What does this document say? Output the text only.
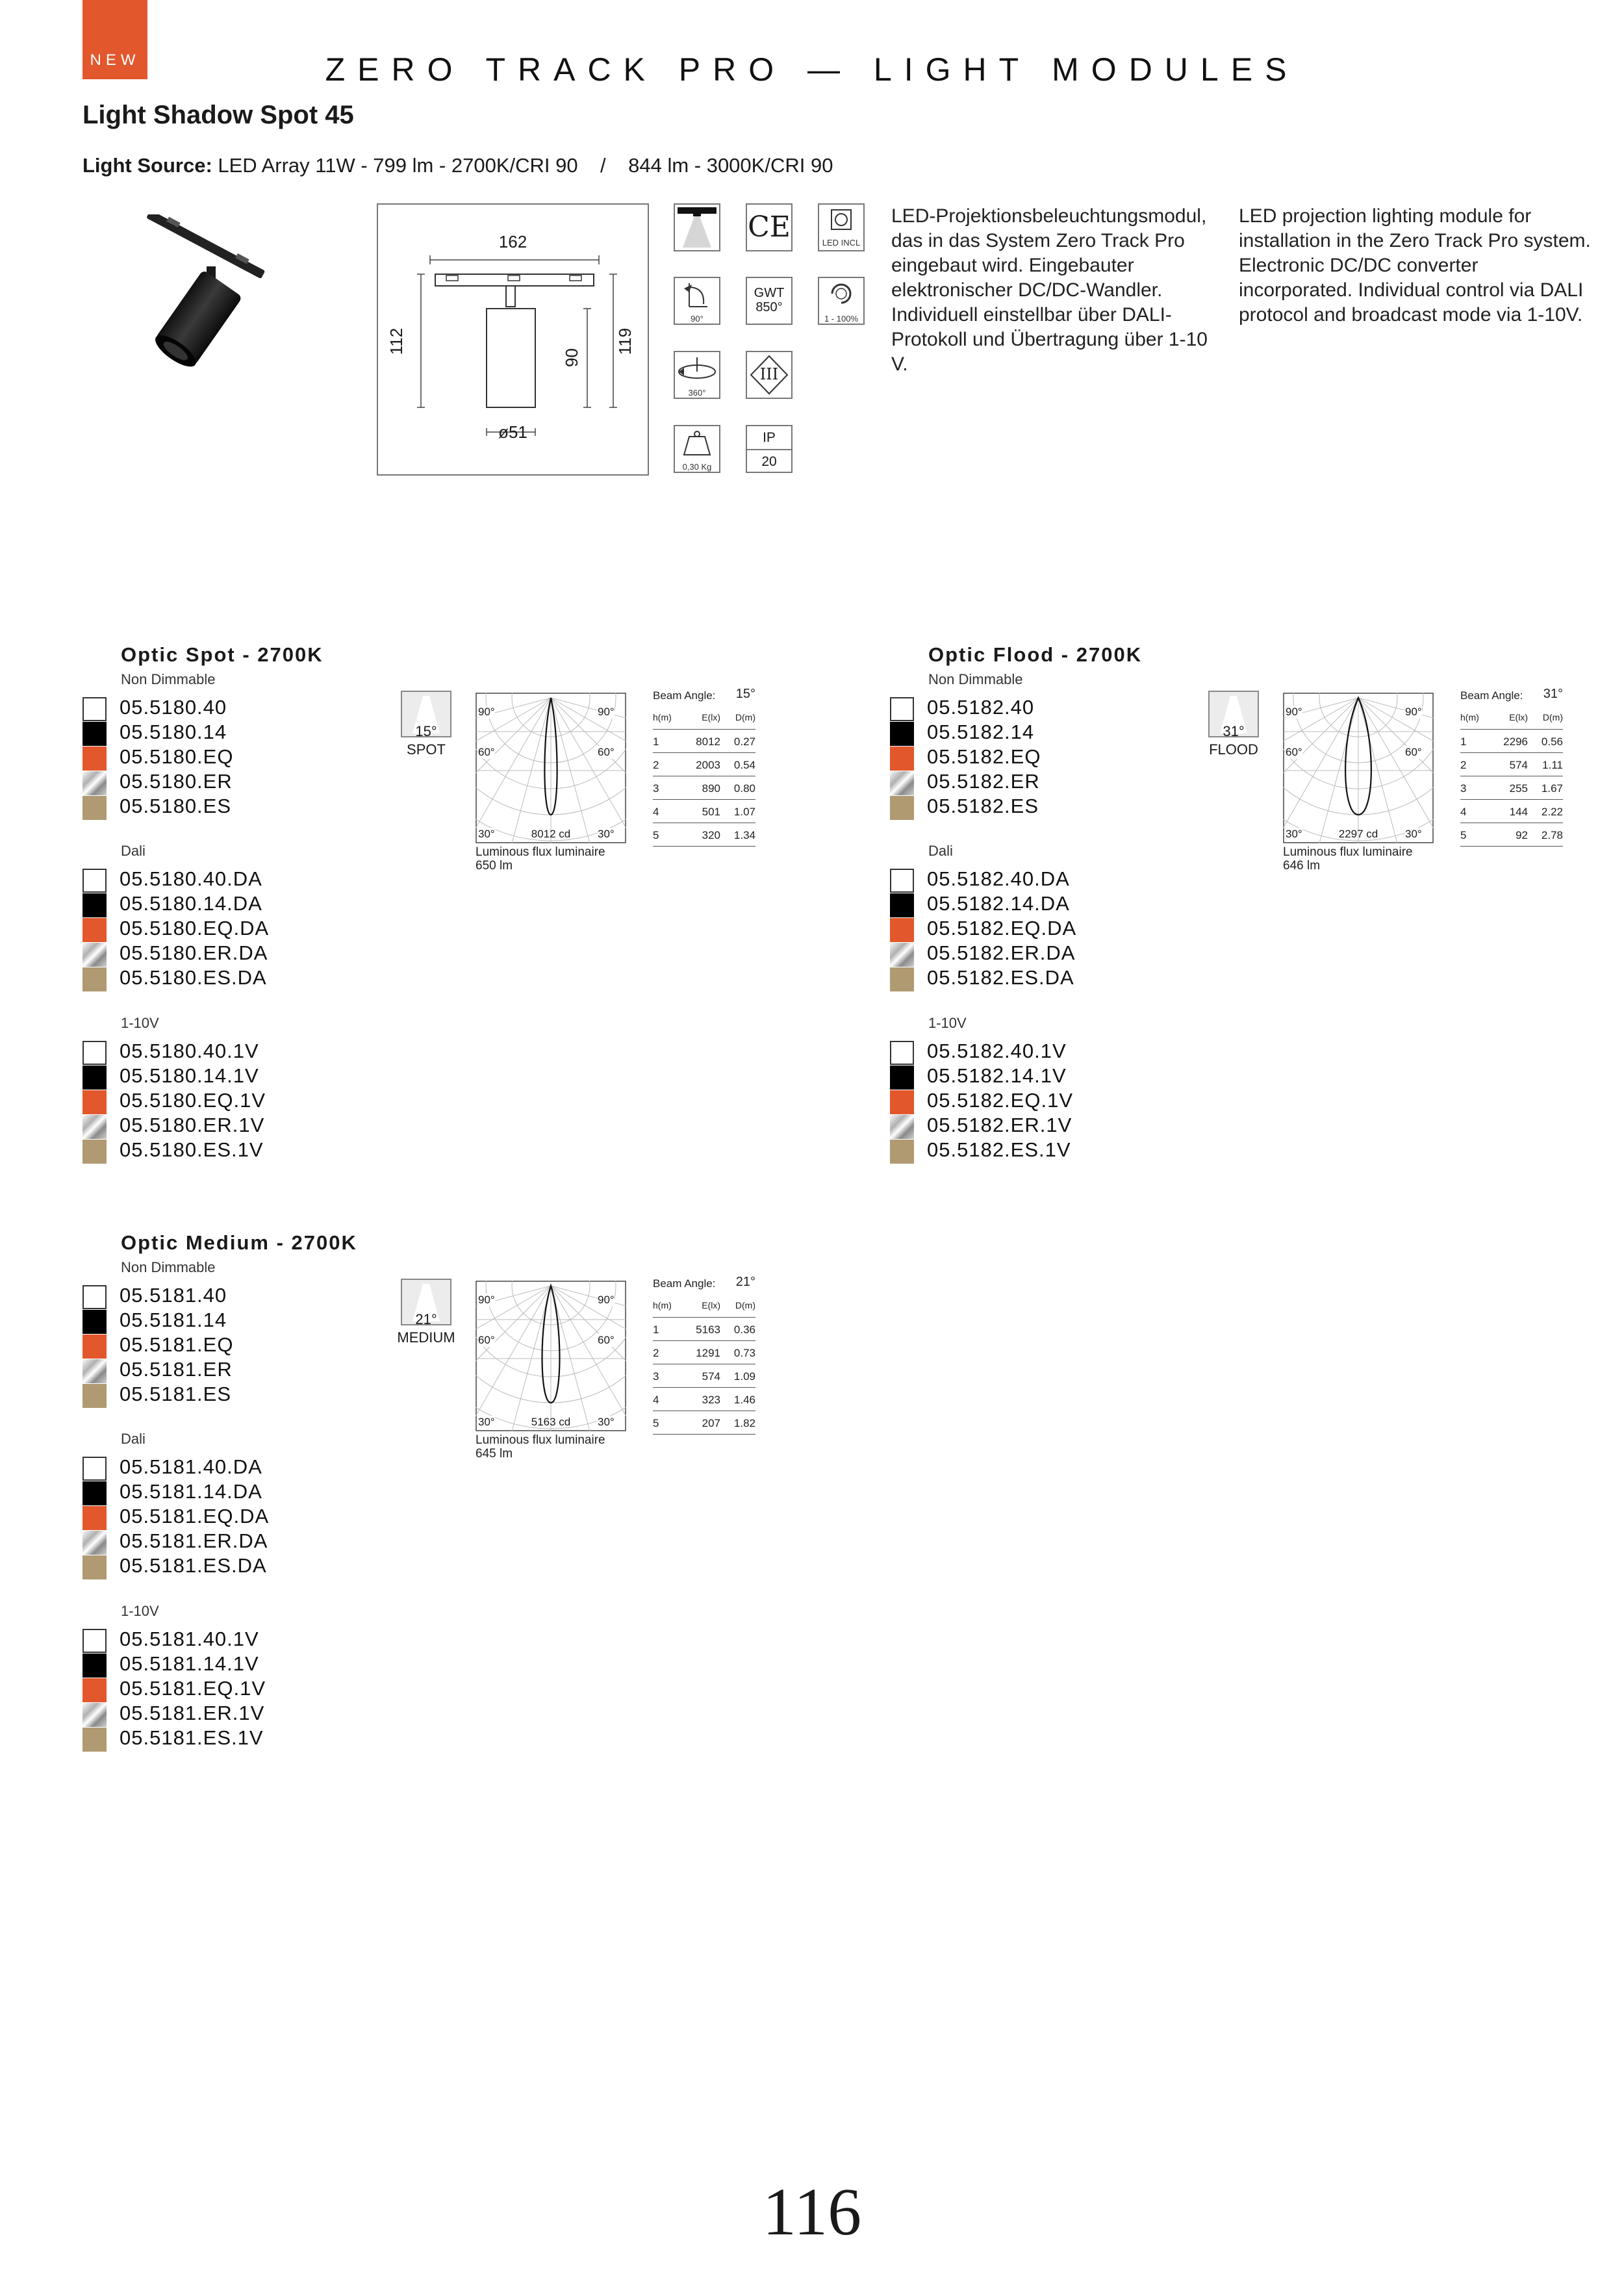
NEW	ZERO TRACK PRO — LIGHT MODULES
Light Shadow Spot 45
Light Source: LED Array 11W - 799 lm - 2700K/CRI 90    /    844 lm - 3000K/CRI 90
162
112
90
119
ø51
CE	LED INCL
90°
GWT
850°
1 - 100%
360°
III
0,30 Kg
IP
20
LED-Projektionsbeleuchtungsmodul, das in das System Zero Track Pro eingebaut wird. Eingebauter elektronischer DC/DC-Wandler. Individuell einstellbar über DALI-Protokoll und Übertragung über 1-10 V.
LED projection lighting module for installation in the Zero Track Pro system. Electronic DC/DC converter incorporated. Individual control via DALI protocol and broadcast mode via 1-10V.
Optic Spot - 2700K
Non Dimmable
05.5180.40
05.5180.14
05.5180.EQ
05.5180.ER
05.5180.ES
Dali
05.5180.40.DA
05.5180.14.DA
05.5180.EQ.DA
05.5180.ER.DA
05.5180.ES.DA
1-10V
05.5180.40.1V
05.5180.14.1V
05.5180.EQ.1V
05.5180.ER.1V
05.5180.ES.1V
15°
SPOT
90°	90°
60°	60°
30°	30°
8012 cd
Luminous flux luminaire
650 lm
Beam Angle: 15°
h(m)	E(lx)	D(m)
1	8012	0.27
2	2003	0.54
3	890	0.80
4	501	1.07
5	320	1.34
Optic Flood - 2700K
Non Dimmable
05.5182.40
05.5182.14
05.5182.EQ
05.5182.ER
05.5182.ES
Dali
05.5182.40.DA
05.5182.14.DA
05.5182.EQ.DA
05.5182.ER.DA
05.5182.ES.DA
1-10V
05.5182.40.1V
05.5182.14.1V
05.5182.EQ.1V
05.5182.ER.1V
05.5182.ES.1V
31°
FLOOD
90°	90°
60°	60°
30°	30°
2297 cd
Luminous flux luminaire
646 lm
Beam Angle: 31°
h(m)	E(lx)	D(m)
1	2296	0.56
2	574	1.11
3	255	1.67
4	144	2.22
5	92	2.78
Optic Medium - 2700K
Non Dimmable
05.5181.40
05.5181.14
05.5181.EQ
05.5181.ER
05.5181.ES
Dali
05.5181.40.DA
05.5181.14.DA
05.5181.EQ.DA
05.5181.ER.DA
05.5181.ES.DA
1-10V
05.5181.40.1V
05.5181.14.1V
05.5181.EQ.1V
05.5181.ER.1V
05.5181.ES.1V
21°
MEDIUM
90°	90°
60°	60°
30°	30°
5163 cd
Luminous flux luminaire
645 lm
Beam Angle: 21°
h(m)	E(lx)	D(m)
1	5163	0.36
2	1291	0.73
3	574	1.09
4	323	1.46
5	207	1.82
116
